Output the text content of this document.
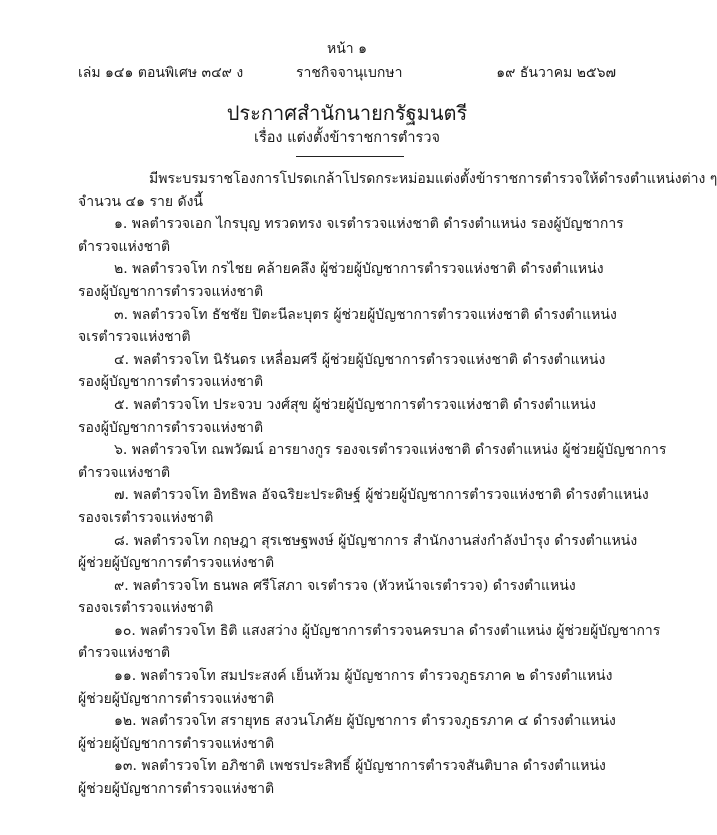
หน้า ๑
เล่ม ๑๔๑ ตอนพิเศษ ๓๔๙ ง	ราชกิจจานุเบกษา	๑๙ ธันวาคม ๒๕๖๗
ประกาศสำนักนายกรัฐมนตรี
เรื่อง แต่งตั้งข้าราชการตำรวจ
มีพระบรมราชโองการโปรดเกล้าโปรดกระหม่อมแต่งตั้งข้าราชการตำรวจให้ดำรงตำแหน่งต่าง ๆ
จำนวน ๔๑ ราย ดังนี้
๑. พลตำรวจเอก ไกรบุญ ทรวดทรง จเรตำรวจแห่งชาติ ดำรงตำแหน่ง รองผู้บัญชาการ
ตำรวจแห่งชาติ
๒. พลตำรวจโท กรไชย คล้ายคลึง ผู้ช่วยผู้บัญชาการตำรวจแห่งชาติ ดำรงตำแหน่ง
รองผู้บัญชาการตำรวจแห่งชาติ
๓. พลตำรวจโท ธัชชัย ปิตะนีละบุตร ผู้ช่วยผู้บัญชาการตำรวจแห่งชาติ ดำรงตำแหน่ง
จเรตำรวจแห่งชาติ
๔. พลตำรวจโท นิรันดร เหลื่อมศรี ผู้ช่วยผู้บัญชาการตำรวจแห่งชาติ ดำรงตำแหน่ง
รองผู้บัญชาการตำรวจแห่งชาติ
๕. พลตำรวจโท ประจวบ วงศ์สุข ผู้ช่วยผู้บัญชาการตำรวจแห่งชาติ ดำรงตำแหน่ง
รองผู้บัญชาการตำรวจแห่งชาติ
๖. พลตำรวจโท ณพวัฒน์ อารยางกูร รองจเรตำรวจแห่งชาติ ดำรงตำแหน่ง ผู้ช่วยผู้บัญชาการ
ตำรวจแห่งชาติ
๗. พลตำรวจโท อิทธิพล อัจฉริยะประดิษฐ์ ผู้ช่วยผู้บัญชาการตำรวจแห่งชาติ ดำรงตำแหน่ง
รองจเรตำรวจแห่งชาติ
๘. พลตำรวจโท กฤษฎา สุรเชษฐพงษ์ ผู้บัญชาการ สำนักงานส่งกำลังบำรุง ดำรงตำแหน่ง
ผู้ช่วยผู้บัญชาการตำรวจแห่งชาติ
๙. พลตำรวจโท ธนพล ศรีโสภา จเรตำรวจ (หัวหน้าจเรตำรวจ) ดำรงตำแหน่ง
รองจเรตำรวจแห่งชาติ
๑๐. พลตำรวจโท ธิติ แสงสว่าง ผู้บัญชาการตำรวจนครบาล ดำรงตำแหน่ง ผู้ช่วยผู้บัญชาการ
ตำรวจแห่งชาติ
๑๑. พลตำรวจโท สมประสงค์ เย็นท้วม ผู้บัญชาการ ตำรวจภูธรภาค ๒ ดำรงตำแหน่ง
ผู้ช่วยผู้บัญชาการตำรวจแห่งชาติ
๑๒. พลตำรวจโท สรายุทธ สงวนโภคัย ผู้บัญชาการ ตำรวจภูธรภาค ๔ ดำรงตำแหน่ง
ผู้ช่วยผู้บัญชาการตำรวจแห่งชาติ
๑๓. พลตำรวจโท อภิชาติ เพชรประสิทธิ์ ผู้บัญชาการตำรวจสันติบาล ดำรงตำแหน่ง
ผู้ช่วยผู้บัญชาการตำรวจแห่งชาติ
